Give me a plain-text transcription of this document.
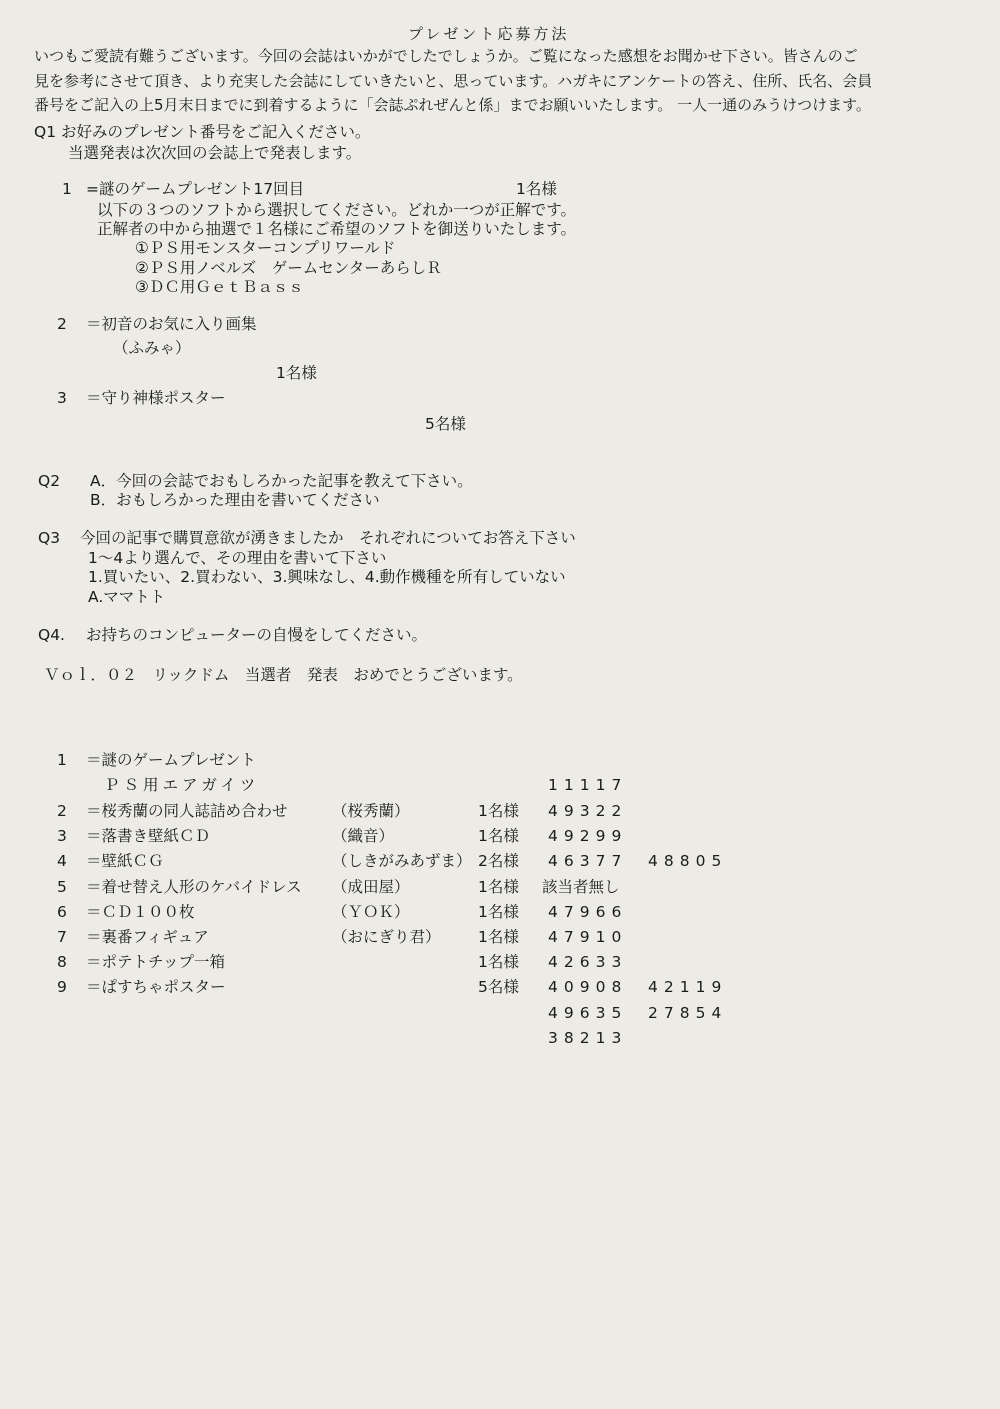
プレゼント応募方法

いつもご愛読有難うございます。今回の会誌はいかがでしたでしょうか。ご覧になった感想をお聞かせ下さい。皆さんのご

見を参考にさせて頂き、より充実した会誌にしていきたいと、思っています。ハガキにアンケートの答え、住所、氏名、会員

番号をご記入の上5月末日までに到着するように「会誌ぷれぜんと係」までお願いいたします。 一人一通のみうけつけます。

Q1 お好みのプレゼント番号をご記入ください。
当選発表は次次回の会誌上で発表します。
1 =謎のゲームプレゼント17回目	1名様
以下の３つのソフトから選択してください。どれか一つが正解です。
正解者の中から抽選で１名様にご希望のソフトを御送りいたします。
①ＰＳ用モンスターコンプリワールド
②ＰＳ用ノベルズ　ゲームセンターあらしＲ
③ＤＣ用ＧｅｔＢａｓｓ
2 ＝初音のお気に入り画集
（ふみゃ）
1名様
3 ＝守り神様ポスター
5名様
Q2 A．今回の会誌でおもしろかった記事を教えて下さい。
B．おもしろかった理由を書いてください
Q3 今回の記事で購買意欲が湧きましたか　それぞれについてお答え下さい
1～4より選んで、その理由を書いて下さい
1.買いたい、2.買わない、3.興味なし、4.動作機種を所有していない
A.ママトト
Q4. お持ちのコンピューターの自慢をしてください。
Ｖｏｌ．０２　リックドム　当選者　発表　おめでとうございます。
1 ＝謎のゲームプレゼント
ＰＳ用エアガイツ	11117
2 ＝桜秀蘭の同人誌詰め合わせ	（桜秀蘭）	1名様 49322
3 ＝落書き壁紙ＣＤ	（織音）	1名様 49299
4 ＝壁紙ＣＧ	（しきがみあずま） 2名様 46377 48805
5 ＝着せ替え人形のケバイドレス （成田屋）	1名様 該当者無し
6 ＝ＣＤ１００枚	（ＹＯＫ）	1名様 47966
7 ＝裏番フィギュア	（おにぎり君） 1名様 47910
8 ＝ポテトチップ一箱	1名様 42633
9 ＝ぱすちゃポスター	5名様 40908 42119
49635 27854
38213
